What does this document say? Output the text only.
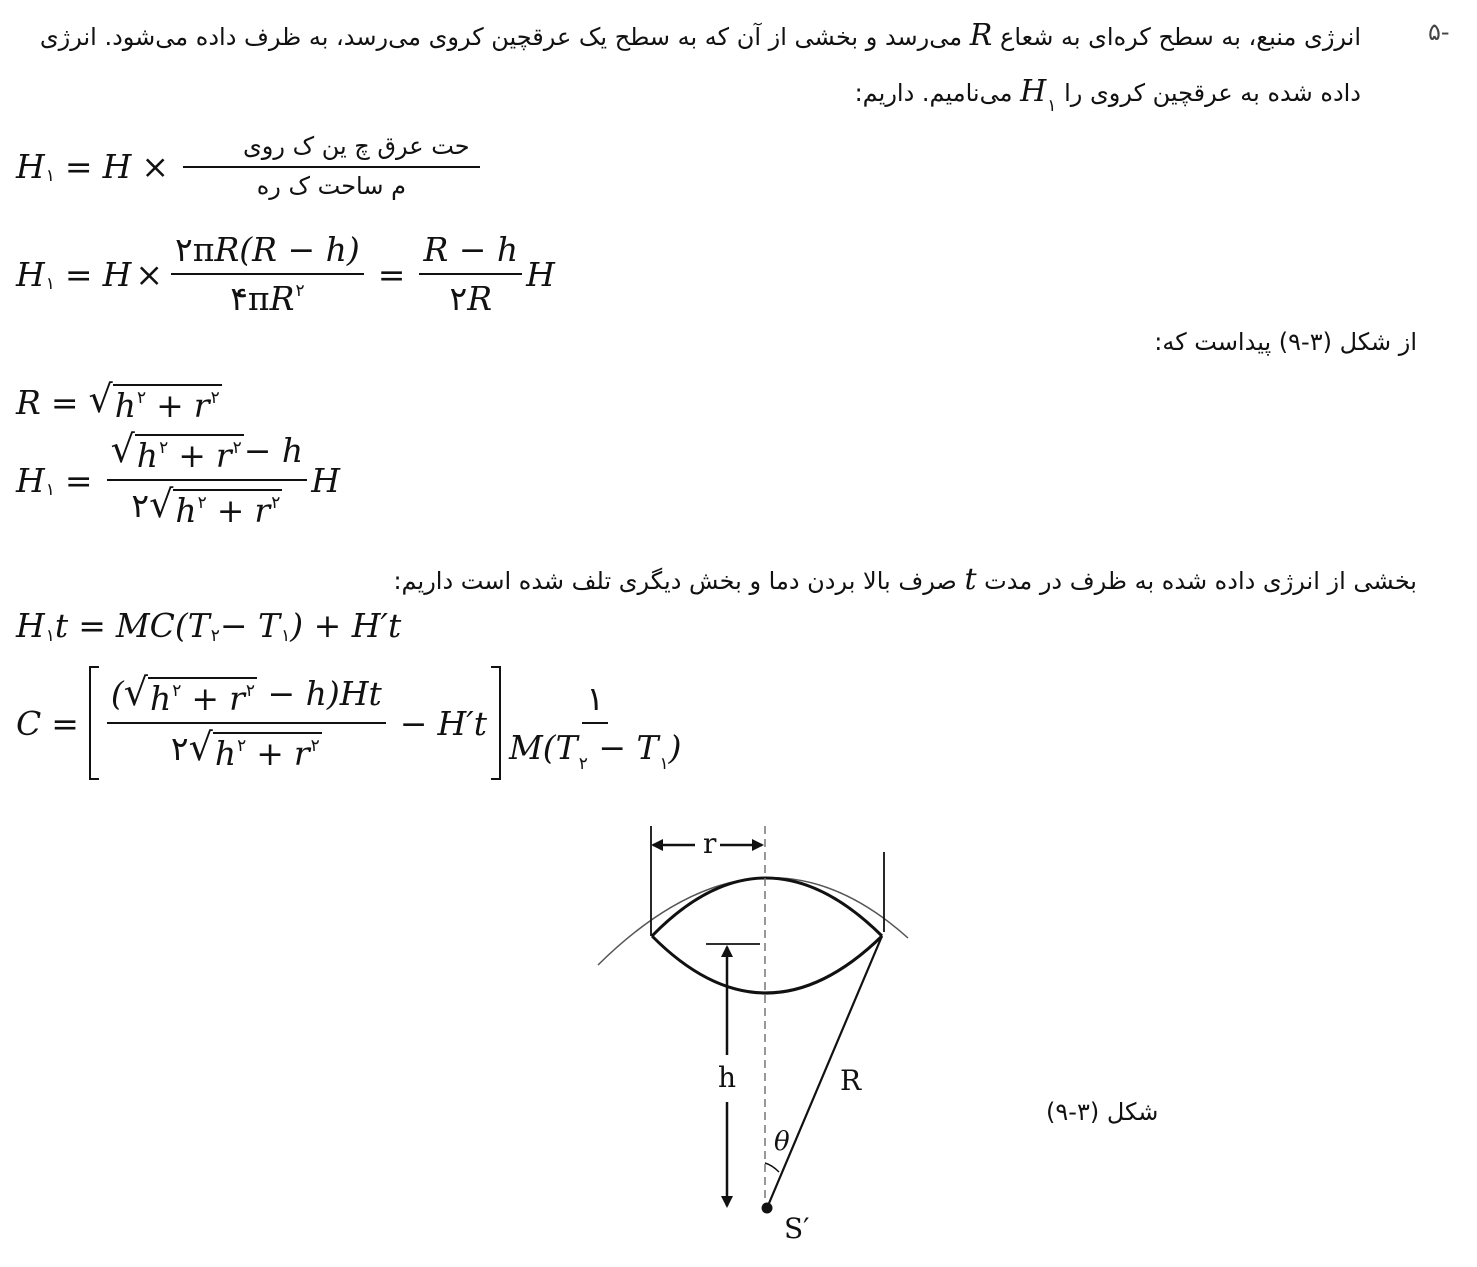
-۵
انرژی منبع، به سطح کره‌ای به شعاع R می‌رسد و بخشی از آن که به سطح یک عرقچین کروی می‌رسد، به ظرف داده می‌شود. انرژی
داده شده به عرقچین کروی را $H_۱$ می‌نامیم. داریم:
H ۱ = $H \times \frac{\text{حت عرق چ ین ک روی}}{\text{م ساحت ک ره}}$
H ۱ = $H \times \frac{۲\pi R(R - h)}{۴\pi R^۲} = \frac{R - h}{۲R}$ H
از شکل (۳-۹) پیداست که:
R = √ $h^۲ + r^۲$
H ۱ = $\frac{√ h^۲ + r^۲ - h}{۲ √ h^۲ + r^۲}$ H
بخشی از انرژی داده شده به ظرف در مدت t صرف بالا بردن دما و بخش دیگری تلف شده است داریم:
H ۱ t = MC(T ۲ − T ۱ ) + H′t
$C = \frac{( √ h^۲ + r^۲ - h)Ht}{۲ √ h^۲ + r^۲} - H't \frac{۱}{M(T_۲ - T_۱)}$
r
h	R
θ
S′
شکل (۳-۹)
